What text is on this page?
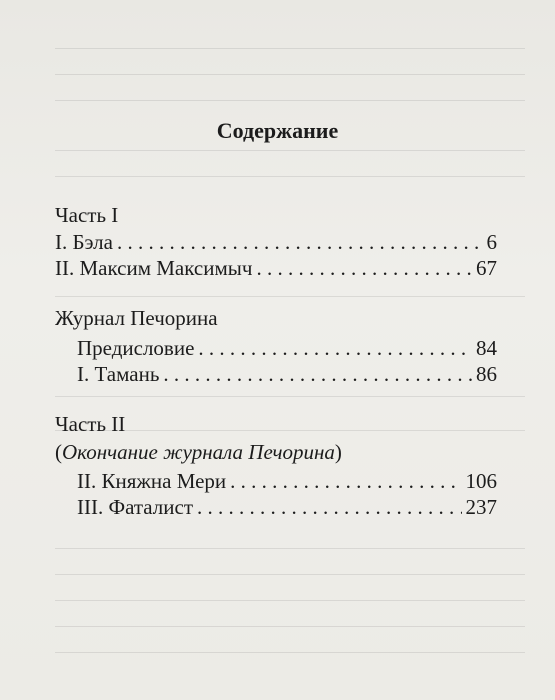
Содержание
Часть I
I. Бэла . . .	6
II. Максим Максимыч . . .	67
Журнал Печорина
Предисловие . . .	84
I. Тамань . . .	86
Часть II
(Окончание журнала Печорина)
II. Княжна Мери . . .	106
III. Фаталист . . .	237
